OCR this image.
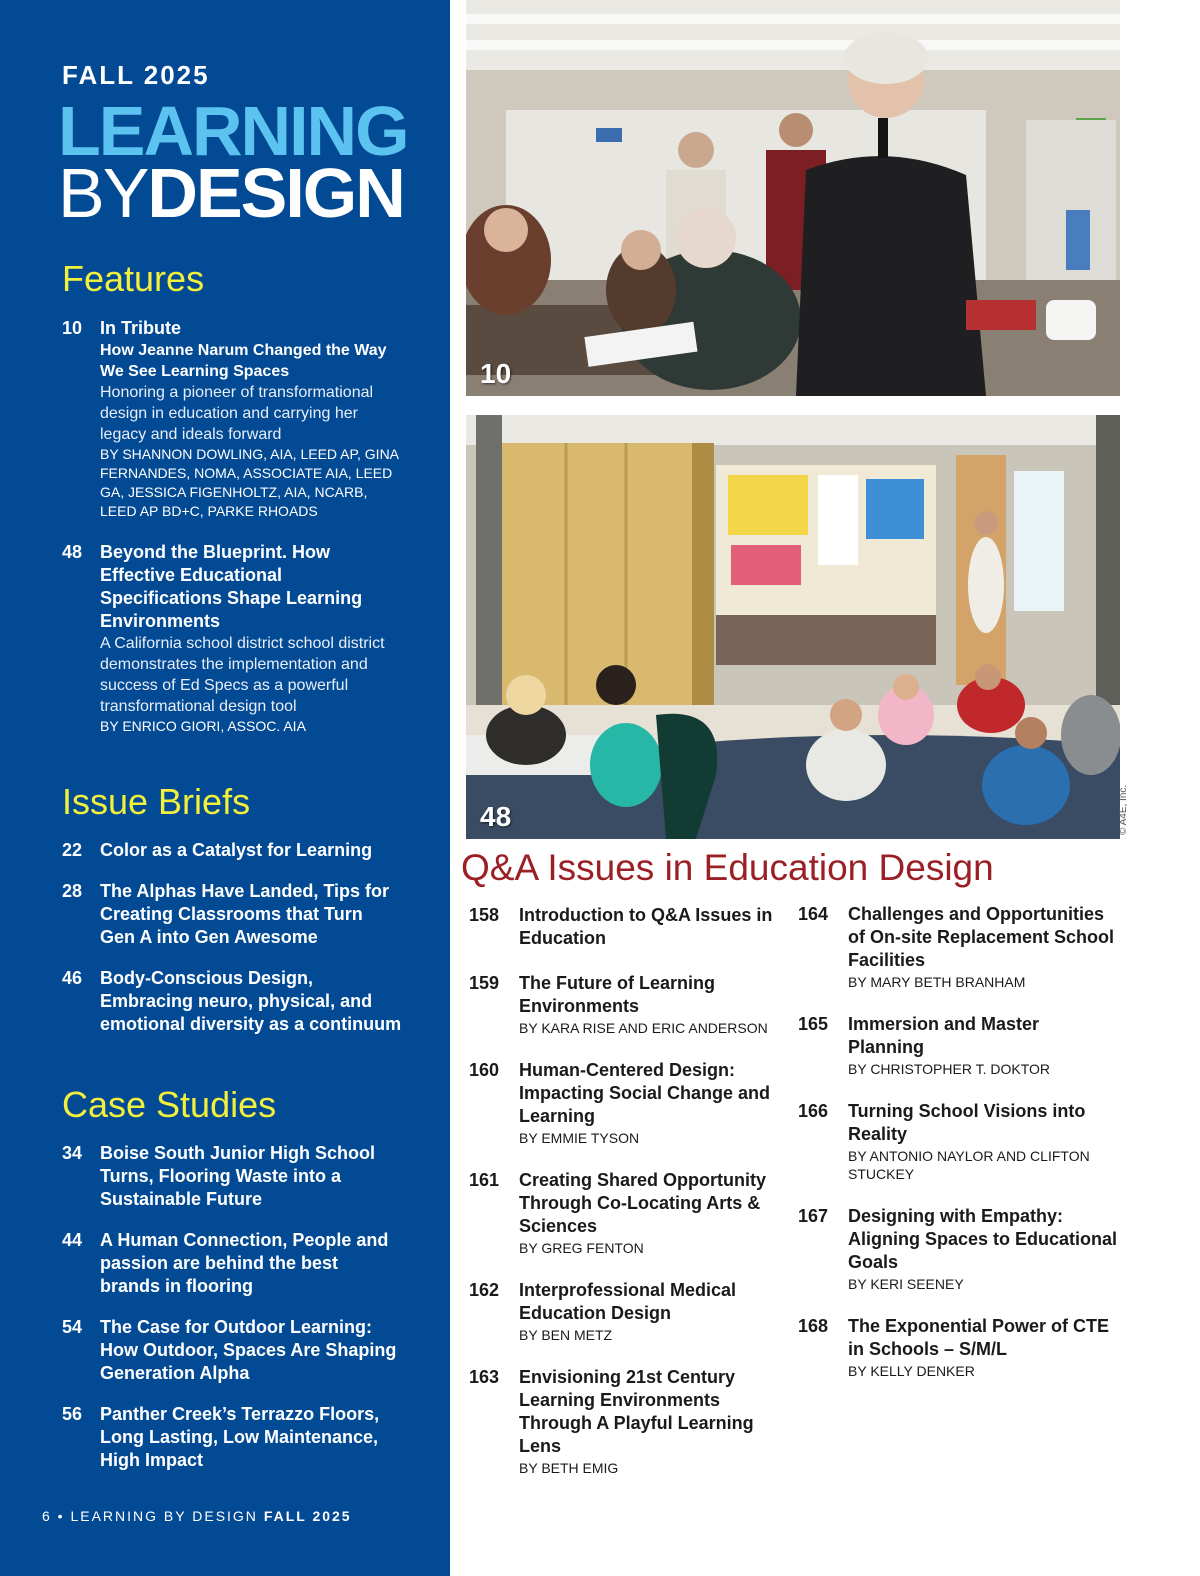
FALL 2025
LEARNING
BYDESIGN
Features
10 In Tribute
How Jeanne Narum Changed the Way We See Learning Spaces
Honoring a pioneer of transformational design in education and carrying her legacy and ideals forward
BY SHANNON DOWLING, AIA, LEED AP, GINA FERNANDES, NOMA, ASSOCIATE AIA, LEED GA, JESSICA FIGENHOLTZ, AIA, NCARB, LEED AP BD+C, PARKE RHOADS
48 Beyond the Blueprint. How Effective Educational Specifications Shape Learning Environments
A California school district school district demonstrates the implementation and success of Ed Specs as a powerful transformational design tool
BY ENRICO GIORI, ASSOC. AIA
Issue Briefs
22 Color as a Catalyst for Learning
28 The Alphas Have Landed, Tips for Creating Classrooms that Turn Gen A into Gen Awesome
46 Body-Conscious Design, Embracing neuro, physical, and emotional diversity as a continuum
Case Studies
34 Boise South Junior High School Turns, Flooring Waste into a Sustainable Future
44 A Human Connection, People and passion are behind the best brands in flooring
54 The Case for Outdoor Learning: How Outdoor, Spaces Are Shaping Generation Alpha
56 Panther Creek’s Terrazzo Floors, Long Lasting, Low Maintenance, High Impact
6 • LEARNING BY DESIGN FALL 2025
10
48	© A4E, Inc.
Q&A Issues in Education Design
158 Introduction to Q&A Issues in Education
159 The Future of Learning Environments
BY KARA RISE AND ERIC ANDERSON
160 Human-Centered Design: Impacting Social Change and Learning
BY EMMIE TYSON
161 Creating Shared Opportunity Through Co-Locating Arts & Sciences
BY GREG FENTON
162 Interprofessional Medical Education Design
BY BEN METZ
163 Envisioning 21st Century Learning Environments Through A Playful Learning Lens
BY BETH EMIG
164 Challenges and Opportunities of On-site Replacement School Facilities
BY MARY BETH BRANHAM
165 Immersion and Master Planning
BY CHRISTOPHER T. DOKTOR
166 Turning School Visions into Reality
BY ANTONIO NAYLOR AND CLIFTON STUCKEY
167 Designing with Empathy: Aligning Spaces to Educational Goals
BY KERI SEENEY
168 The Exponential Power of CTE in Schools – S/M/L
BY KELLY DENKER
